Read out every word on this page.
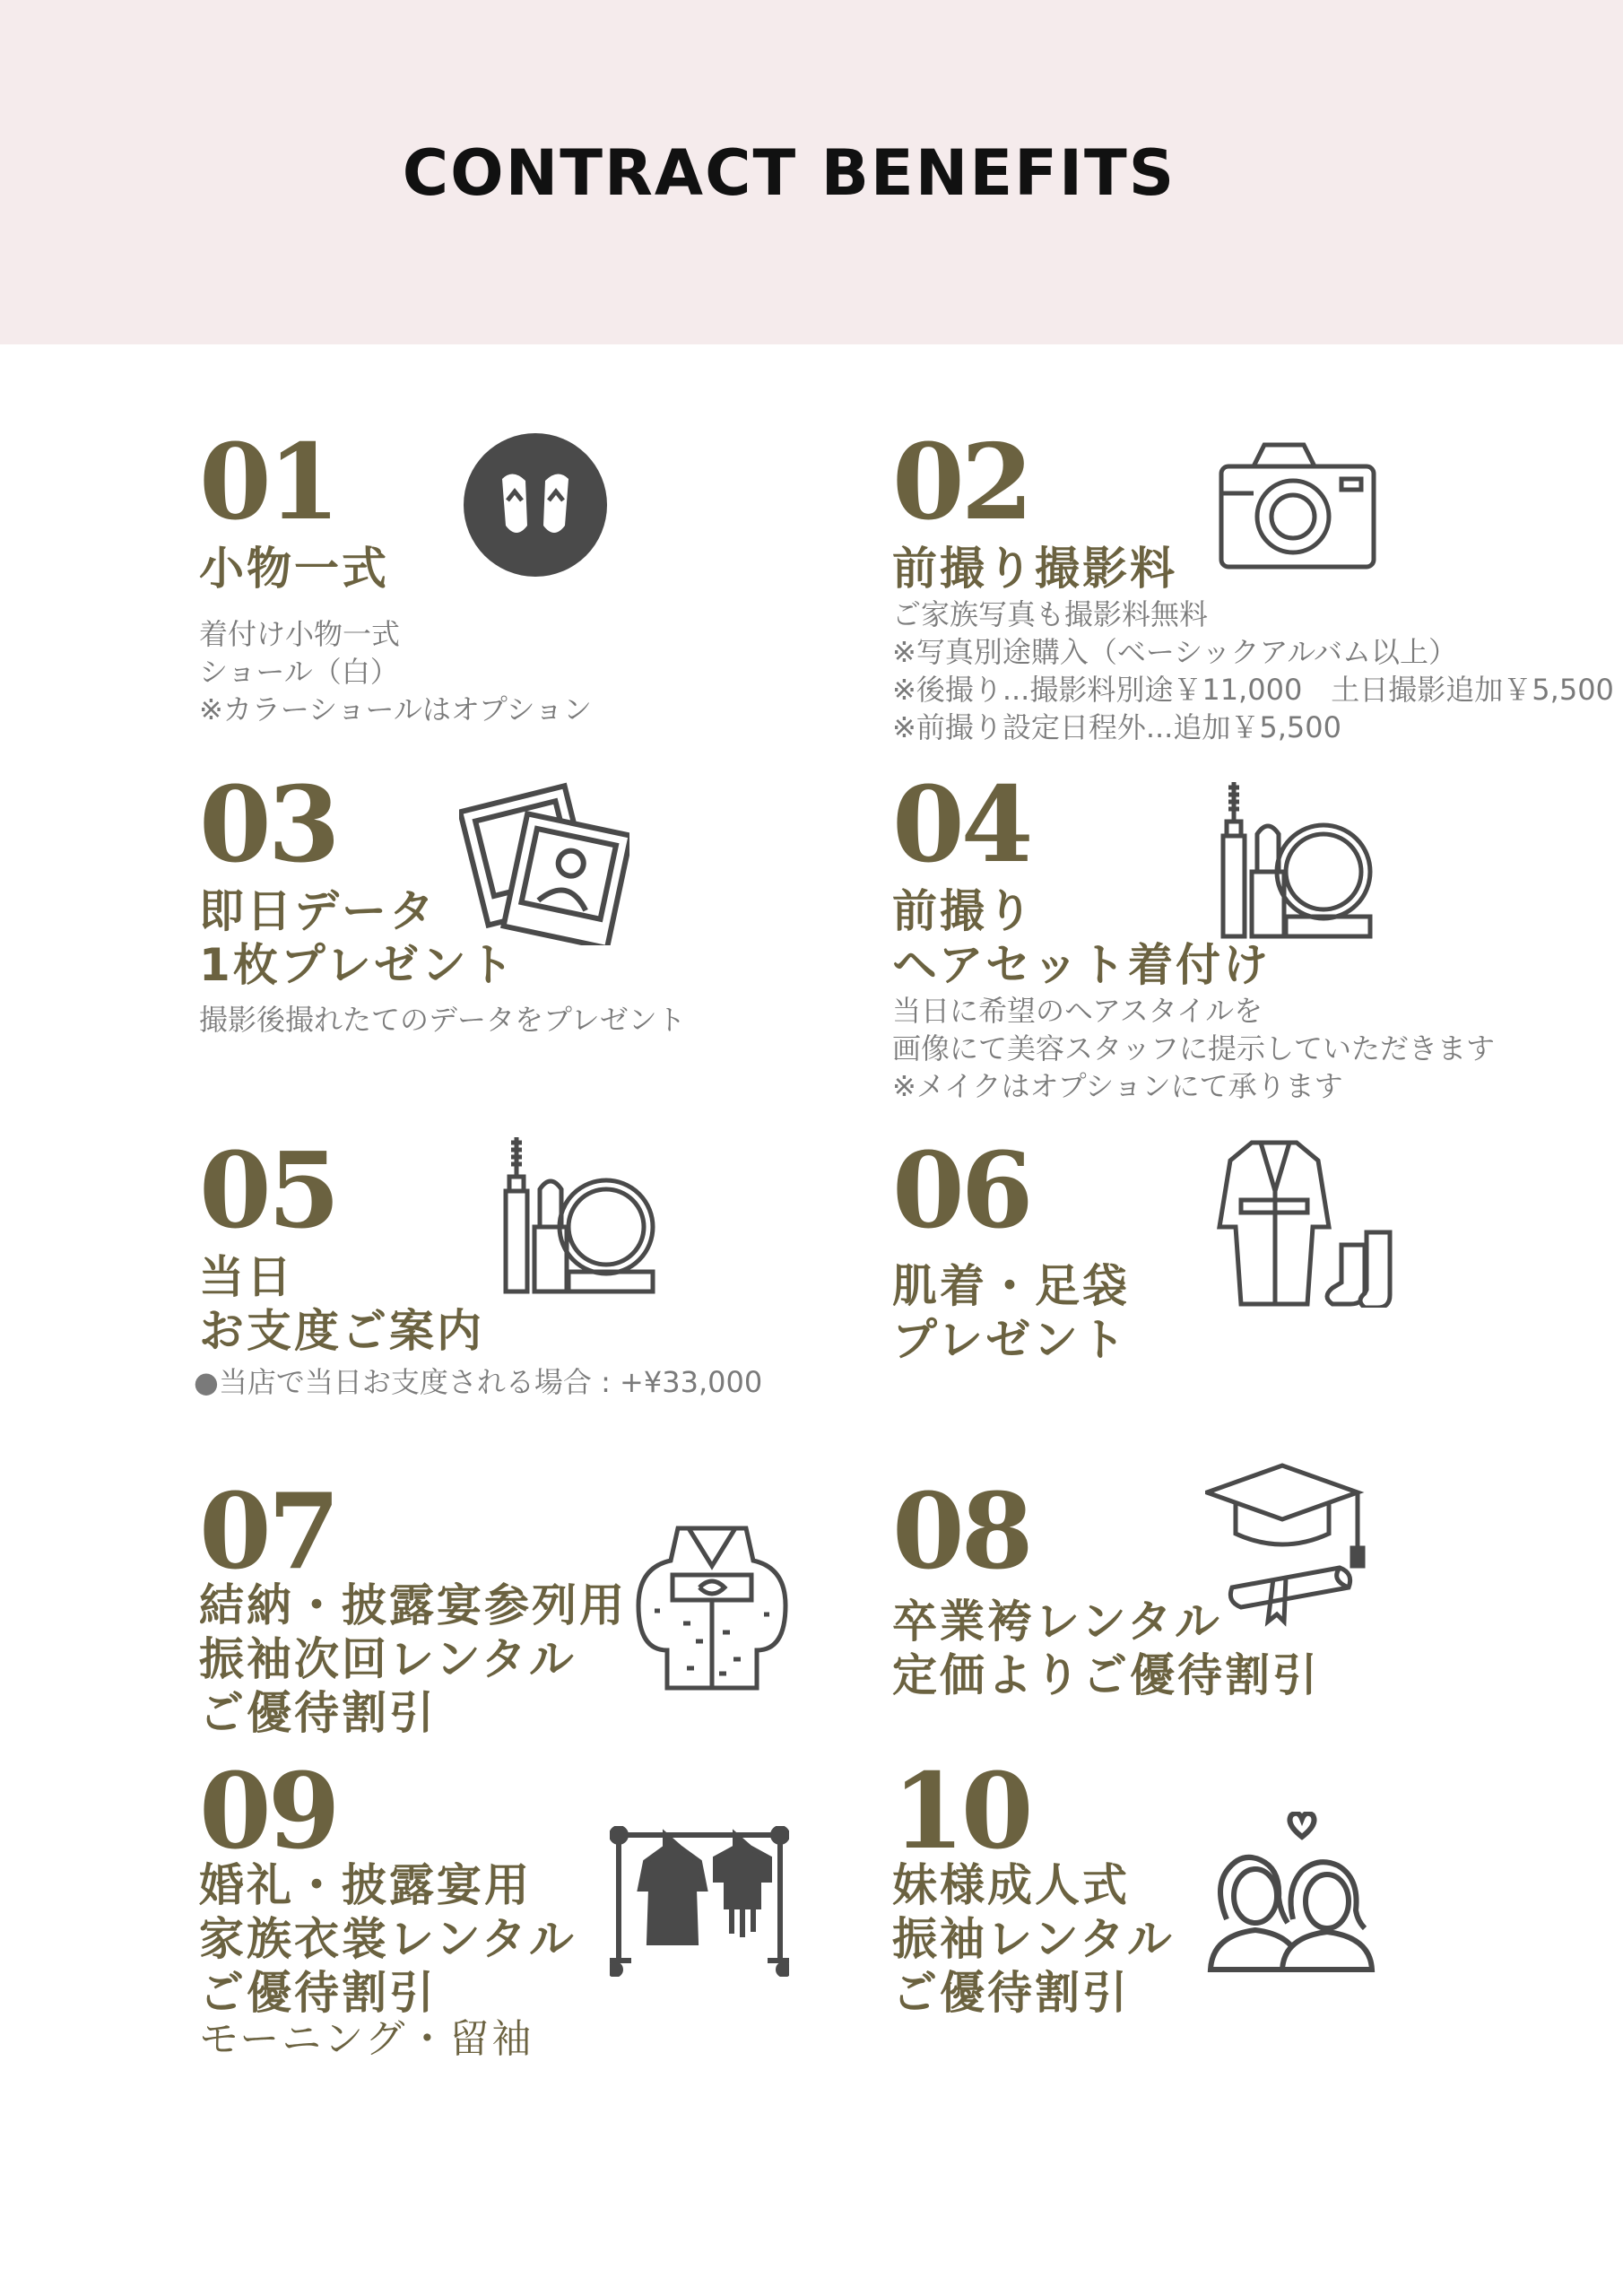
CONTRACT BENEFITS
01
小物一式
着付け小物一式
ショール（白）
※カラーショールはオプション
02
前撮り撮影料
ご家族写真も撮影料無料
※写真別途購入（ベーシックアルバム以上）
※後撮り...撮影料別途￥11,000　土日撮影追加￥5,500
※前撮り設定日程外...追加￥5,500
03
即日データ
1枚プレゼント
撮影後撮れたてのデータをプレゼント
04
前撮り
ヘアセット着付け
当日に希望のヘアスタイルを
画像にて美容スタッフに提示していただきます
※メイクはオプションにて承ります
05
当日
お支度ご案内
●当店で当日お支度される場合 : +¥33,000
06
肌着・足袋
プレゼント
07
結納・披露宴参列用
振袖次回レンタル
ご優待割引
08
卒業袴レンタル
定価よりご優待割引
09
婚礼・披露宴用
家族衣裳レンタル
ご優待割引
モーニング・留袖
10
妹様成人式
振袖レンタル
ご優待割引
